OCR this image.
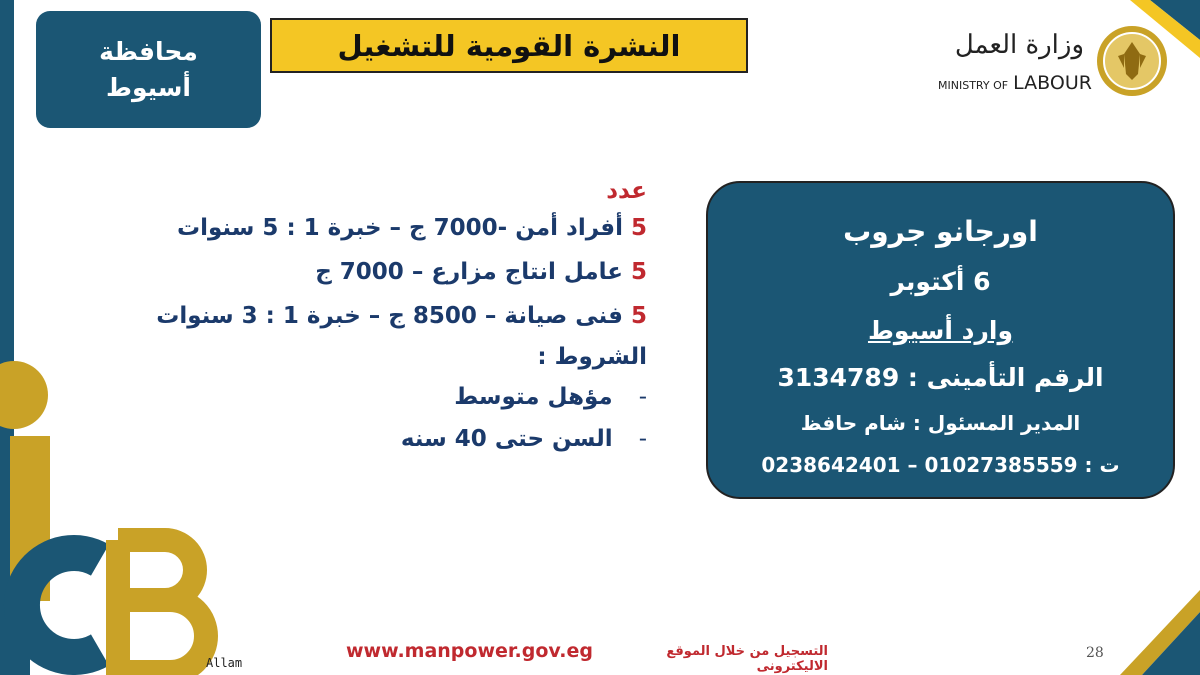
محافظة
أسيوط
النشرة القومية للتشغيل	وزارة العمل
MINISTRY OF LABOUR
اورجانو جروب
6 أكتوبر
وارد أسيوط
الرقم التأمينى : 3134789
المدير المسئول : شام حافظ
ت : 01027385559 – 0238642401
عدد
5 أفراد أمن -7000 ج – خبرة 1 : 5 سنوات
5 عامل انتاج مزارع – 7000 ج
5 فنى صيانة – 8500 ج – خبرة 1 : 3 سنوات
الشروط :
-مؤهل متوسط
-السن حتى 40 سنه
www.manpower.gov.eg	التسجيل من خلال الموقع الاليكترونى
28
Allam
